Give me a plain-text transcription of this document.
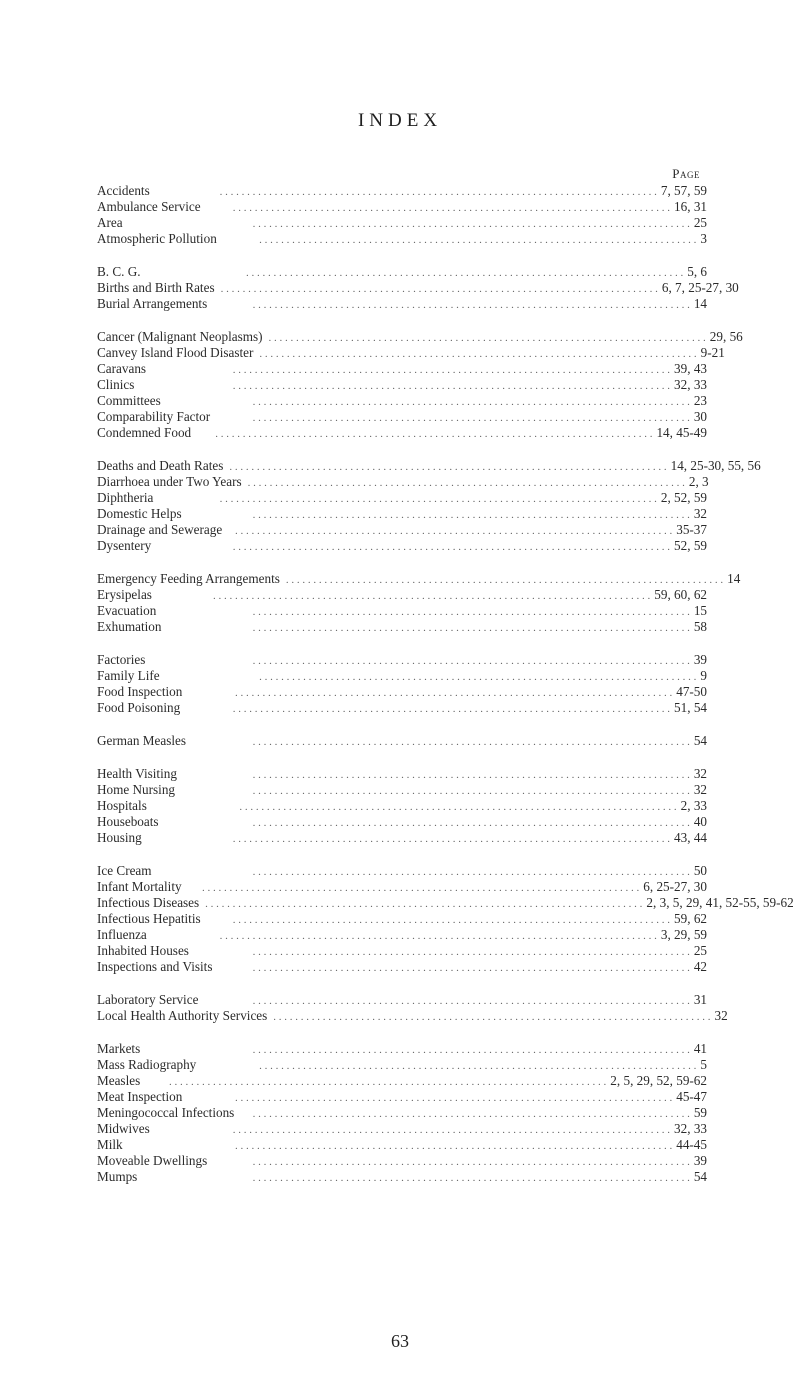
INDEX
Page
Accidents	. . . . . . . . . . . . . . . . . . . . . . . . . . . . . . . . . . . . . . . . . . . . . . . . . . . . . . . . . . . . . . . . . . . . . . . . . . . . . . . . 7, 57, 59
Ambulance Service	. . . . . . . . . . . . . . . . . . . . . . . . . . . . . . . . . . . . . . . . . . . . . . . . . . . . . . . . . . . . . . . . . . . . . . . . . . . . . . . . 16, 31
Area	. . . . . . . . . . . . . . . . . . . . . . . . . . . . . . . . . . . . . . . . . . . . . . . . . . . . . . . . . . . . . . . . . . . . . . . . . . . . . . . . 25
Atmospheric Pollution	. . . . . . . . . . . . . . . . . . . . . . . . . . . . . . . . . . . . . . . . . . . . . . . . . . . . . . . . . . . . . . . . . . . . . . . . . . . . . . . . 3
B. C. G.	. . . . . . . . . . . . . . . . . . . . . . . . . . . . . . . . . . . . . . . . . . . . . . . . . . . . . . . . . . . . . . . . . . . . . . . . . . . . . . . . 5, 6
Births and Birth Rates . . . . . . . . . . . . . . . . . . . . . . . . . . . . . . . . . . . . . . . . . . . . . . . . . . . . . . . . . . . . . . . . . . . . . . . . . . . . . . . . 6, 7, 25-27, 30
Burial Arrangements	. . . . . . . . . . . . . . . . . . . . . . . . . . . . . . . . . . . . . . . . . . . . . . . . . . . . . . . . . . . . . . . . . . . . . . . . . . . . . . . . 14
Cancer (Malignant Neoplasms) . . . . . . . . . . . . . . . . . . . . . . . . . . . . . . . . . . . . . . . . . . . . . . . . . . . . . . . . . . . . . . . . . . . . . . . . . . . . . . . . 29, 56
Canvey Island Flood Disaster . . . . . . . . . . . . . . . . . . . . . . . . . . . . . . . . . . . . . . . . . . . . . . . . . . . . . . . . . . . . . . . . . . . . . . . . . . . . . . . . 9-21
Caravans	. . . . . . . . . . . . . . . . . . . . . . . . . . . . . . . . . . . . . . . . . . . . . . . . . . . . . . . . . . . . . . . . . . . . . . . . . . . . . . . . 39, 43
Clinics	. . . . . . . . . . . . . . . . . . . . . . . . . . . . . . . . . . . . . . . . . . . . . . . . . . . . . . . . . . . . . . . . . . . . . . . . . . . . . . . . 32, 33
Committees	. . . . . . . . . . . . . . . . . . . . . . . . . . . . . . . . . . . . . . . . . . . . . . . . . . . . . . . . . . . . . . . . . . . . . . . . . . . . . . . . 23
Comparability Factor	. . . . . . . . . . . . . . . . . . . . . . . . . . . . . . . . . . . . . . . . . . . . . . . . . . . . . . . . . . . . . . . . . . . . . . . . . . . . . . . . 30
Condemned Food	. . . . . . . . . . . . . . . . . . . . . . . . . . . . . . . . . . . . . . . . . . . . . . . . . . . . . . . . . . . . . . . . . . . . . . . . . . . . . . . . 14, 45-49
Deaths and Death Rates . . . . . . . . . . . . . . . . . . . . . . . . . . . . . . . . . . . . . . . . . . . . . . . . . . . . . . . . . . . . . . . . . . . . . . . . . . . . . . . . 14, 25-30, 55, 56
Diarrhoea under Two Years . . . . . . . . . . . . . . . . . . . . . . . . . . . . . . . . . . . . . . . . . . . . . . . . . . . . . . . . . . . . . . . . . . . . . . . . . . . . . . . . 2, 3
Diphtheria	. . . . . . . . . . . . . . . . . . . . . . . . . . . . . . . . . . . . . . . . . . . . . . . . . . . . . . . . . . . . . . . . . . . . . . . . . . . . . . . . 2, 52, 59
Domestic Helps	. . . . . . . . . . . . . . . . . . . . . . . . . . . . . . . . . . . . . . . . . . . . . . . . . . . . . . . . . . . . . . . . . . . . . . . . . . . . . . . . 32
Drainage and Sewerage	. . . . . . . . . . . . . . . . . . . . . . . . . . . . . . . . . . . . . . . . . . . . . . . . . . . . . . . . . . . . . . . . . . . . . . . . . . . . . . . . 35-37
Dysentery	. . . . . . . . . . . . . . . . . . . . . . . . . . . . . . . . . . . . . . . . . . . . . . . . . . . . . . . . . . . . . . . . . . . . . . . . . . . . . . . . 52, 59
Emergency Feeding Arrangements . . . . . . . . . . . . . . . . . . . . . . . . . . . . . . . . . . . . . . . . . . . . . . . . . . . . . . . . . . . . . . . . . . . . . . . . . . . . . . . . 14
Erysipelas	. . . . . . . . . . . . . . . . . . . . . . . . . . . . . . . . . . . . . . . . . . . . . . . . . . . . . . . . . . . . . . . . . . . . . . . . . . . . . . . . 59, 60, 62
Evacuation	. . . . . . . . . . . . . . . . . . . . . . . . . . . . . . . . . . . . . . . . . . . . . . . . . . . . . . . . . . . . . . . . . . . . . . . . . . . . . . . . 15
Exhumation	. . . . . . . . . . . . . . . . . . . . . . . . . . . . . . . . . . . . . . . . . . . . . . . . . . . . . . . . . . . . . . . . . . . . . . . . . . . . . . . . 58
Factories	. . . . . . . . . . . . . . . . . . . . . . . . . . . . . . . . . . . . . . . . . . . . . . . . . . . . . . . . . . . . . . . . . . . . . . . . . . . . . . . . 39
Family Life	. . . . . . . . . . . . . . . . . . . . . . . . . . . . . . . . . . . . . . . . . . . . . . . . . . . . . . . . . . . . . . . . . . . . . . . . . . . . . . . . 9
Food Inspection	. . . . . . . . . . . . . . . . . . . . . . . . . . . . . . . . . . . . . . . . . . . . . . . . . . . . . . . . . . . . . . . . . . . . . . . . . . . . . . . . 47-50
Food Poisoning	. . . . . . . . . . . . . . . . . . . . . . . . . . . . . . . . . . . . . . . . . . . . . . . . . . . . . . . . . . . . . . . . . . . . . . . . . . . . . . . . 51, 54
German Measles	. . . . . . . . . . . . . . . . . . . . . . . . . . . . . . . . . . . . . . . . . . . . . . . . . . . . . . . . . . . . . . . . . . . . . . . . . . . . . . . . 54
Health Visiting	. . . . . . . . . . . . . . . . . . . . . . . . . . . . . . . . . . . . . . . . . . . . . . . . . . . . . . . . . . . . . . . . . . . . . . . . . . . . . . . . 32
Home Nursing	. . . . . . . . . . . . . . . . . . . . . . . . . . . . . . . . . . . . . . . . . . . . . . . . . . . . . . . . . . . . . . . . . . . . . . . . . . . . . . . . 32
Hospitals	. . . . . . . . . . . . . . . . . . . . . . . . . . . . . . . . . . . . . . . . . . . . . . . . . . . . . . . . . . . . . . . . . . . . . . . . . . . . . . . . 2, 33
Houseboats	. . . . . . . . . . . . . . . . . . . . . . . . . . . . . . . . . . . . . . . . . . . . . . . . . . . . . . . . . . . . . . . . . . . . . . . . . . . . . . . . 40
Housing	. . . . . . . . . . . . . . . . . . . . . . . . . . . . . . . . . . . . . . . . . . . . . . . . . . . . . . . . . . . . . . . . . . . . . . . . . . . . . . . . 43, 44
Ice Cream	. . . . . . . . . . . . . . . . . . . . . . . . . . . . . . . . . . . . . . . . . . . . . . . . . . . . . . . . . . . . . . . . . . . . . . . . . . . . . . . . 50
Infant Mortality	. . . . . . . . . . . . . . . . . . . . . . . . . . . . . . . . . . . . . . . . . . . . . . . . . . . . . . . . . . . . . . . . . . . . . . . . . . . . . . . . 6, 25-27, 30
Infectious Diseases . . . . . . . . . . . . . . . . . . . . . . . . . . . . . . . . . . . . . . . . . . . . . . . . . . . . . . . . . . . . . . . . . . . . . . . . . . . . . . . . 2, 3, 5, 29, 41, 52-55, 59-62
Infectious Hepatitis	. . . . . . . . . . . . . . . . . . . . . . . . . . . . . . . . . . . . . . . . . . . . . . . . . . . . . . . . . . . . . . . . . . . . . . . . . . . . . . . . 59, 62
Influenza	. . . . . . . . . . . . . . . . . . . . . . . . . . . . . . . . . . . . . . . . . . . . . . . . . . . . . . . . . . . . . . . . . . . . . . . . . . . . . . . . 3, 29, 59
Inhabited Houses	. . . . . . . . . . . . . . . . . . . . . . . . . . . . . . . . . . . . . . . . . . . . . . . . . . . . . . . . . . . . . . . . . . . . . . . . . . . . . . . . 25
Inspections and Visits	. . . . . . . . . . . . . . . . . . . . . . . . . . . . . . . . . . . . . . . . . . . . . . . . . . . . . . . . . . . . . . . . . . . . . . . . . . . . . . . . 42
Laboratory Service	. . . . . . . . . . . . . . . . . . . . . . . . . . . . . . . . . . . . . . . . . . . . . . . . . . . . . . . . . . . . . . . . . . . . . . . . . . . . . . . . 31
Local Health Authority Services . . . . . . . . . . . . . . . . . . . . . . . . . . . . . . . . . . . . . . . . . . . . . . . . . . . . . . . . . . . . . . . . . . . . . . . . . . . . . . . . 32
Markets	. . . . . . . . . . . . . . . . . . . . . . . . . . . . . . . . . . . . . . . . . . . . . . . . . . . . . . . . . . . . . . . . . . . . . . . . . . . . . . . . 41
Mass Radiography	. . . . . . . . . . . . . . . . . . . . . . . . . . . . . . . . . . . . . . . . . . . . . . . . . . . . . . . . . . . . . . . . . . . . . . . . . . . . . . . . 5
Measles	. . . . . . . . . . . . . . . . . . . . . . . . . . . . . . . . . . . . . . . . . . . . . . . . . . . . . . . . . . . . . . . . . . . . . . . . . . . . . . . . 2, 5, 29, 52, 59-62
Meat Inspection	. . . . . . . . . . . . . . . . . . . . . . . . . . . . . . . . . . . . . . . . . . . . . . . . . . . . . . . . . . . . . . . . . . . . . . . . . . . . . . . . 45-47
Meningococcal Infections	. . . . . . . . . . . . . . . . . . . . . . . . . . . . . . . . . . . . . . . . . . . . . . . . . . . . . . . . . . . . . . . . . . . . . . . . . . . . . . . . 59
Midwives	. . . . . . . . . . . . . . . . . . . . . . . . . . . . . . . . . . . . . . . . . . . . . . . . . . . . . . . . . . . . . . . . . . . . . . . . . . . . . . . . 32, 33
Milk	. . . . . . . . . . . . . . . . . . . . . . . . . . . . . . . . . . . . . . . . . . . . . . . . . . . . . . . . . . . . . . . . . . . . . . . . . . . . . . . . 44-45
Moveable Dwellings	. . . . . . . . . . . . . . . . . . . . . . . . . . . . . . . . . . . . . . . . . . . . . . . . . . . . . . . . . . . . . . . . . . . . . . . . . . . . . . . . 39
Mumps	. . . . . . . . . . . . . . . . . . . . . . . . . . . . . . . . . . . . . . . . . . . . . . . . . . . . . . . . . . . . . . . . . . . . . . . . . . . . . . . . 54
63
